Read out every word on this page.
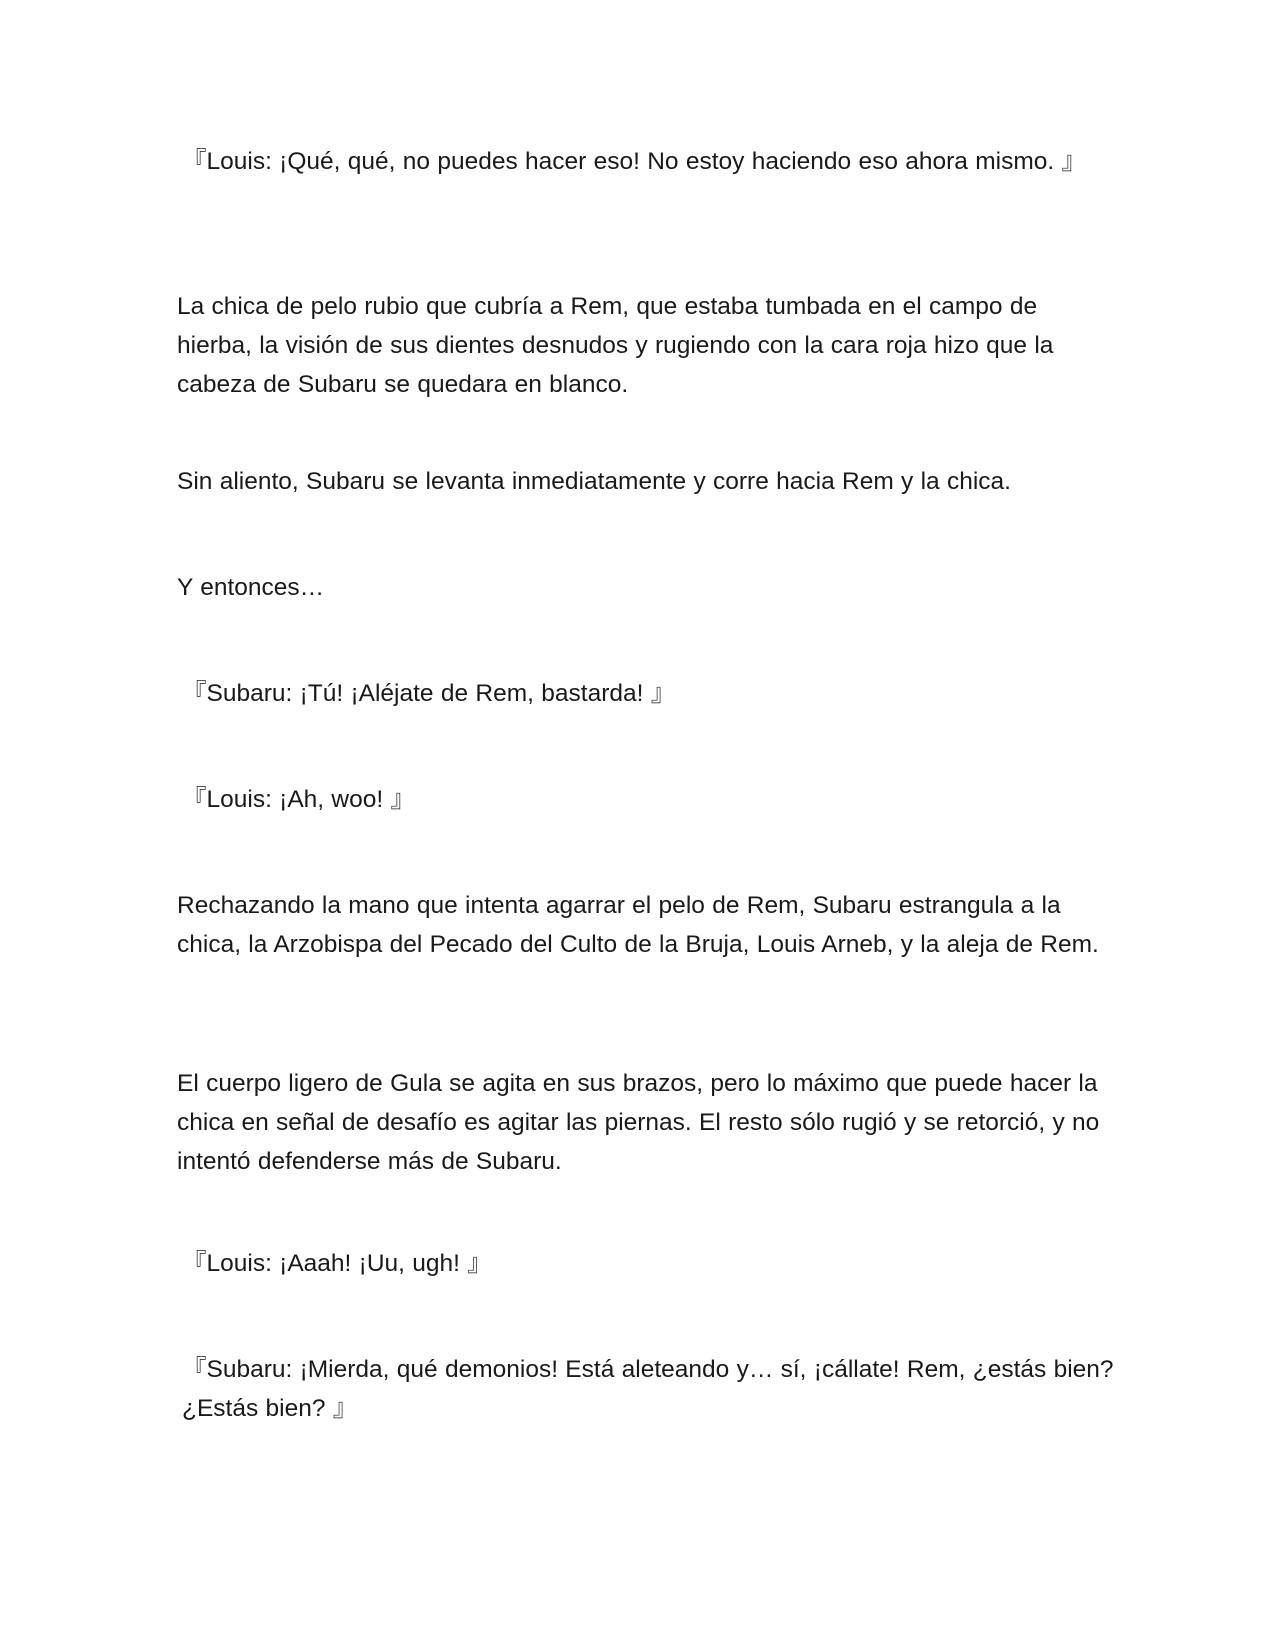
『Louis: ¡Qué, qué, no puedes hacer eso! No estoy haciendo eso ahora mismo. 』

La chica de pelo rubio que cubría a Rem, que estaba tumbada en el campo de hierba, la visión de sus dientes desnudos y rugiendo con la cara roja hizo que la cabeza de Subaru se quedara en blanco.

Sin aliento, Subaru se levanta inmediatamente y corre hacia Rem y la chica.

Y entonces…

『Subaru: ¡Tú! ¡Aléjate de Rem, bastarda! 』

『Louis: ¡Ah, woo! 』

Rechazando la mano que intenta agarrar el pelo de Rem, Subaru estrangula a la chica, la Arzobispa del Pecado del Culto de la Bruja, Louis Arneb, y la aleja de Rem.

El cuerpo ligero de Gula se agita en sus brazos, pero lo máximo que puede hacer la chica en señal de desafío es agitar las piernas. El resto sólo rugió y se retorció, y no intentó defenderse más de Subaru.

『Louis: ¡Aaah! ¡Uu, ugh! 』

『Subaru: ¡Mierda, qué demonios! Está aleteando y… sí, ¡cállate! Rem, ¿estás bien? ¿Estás bien? 』
